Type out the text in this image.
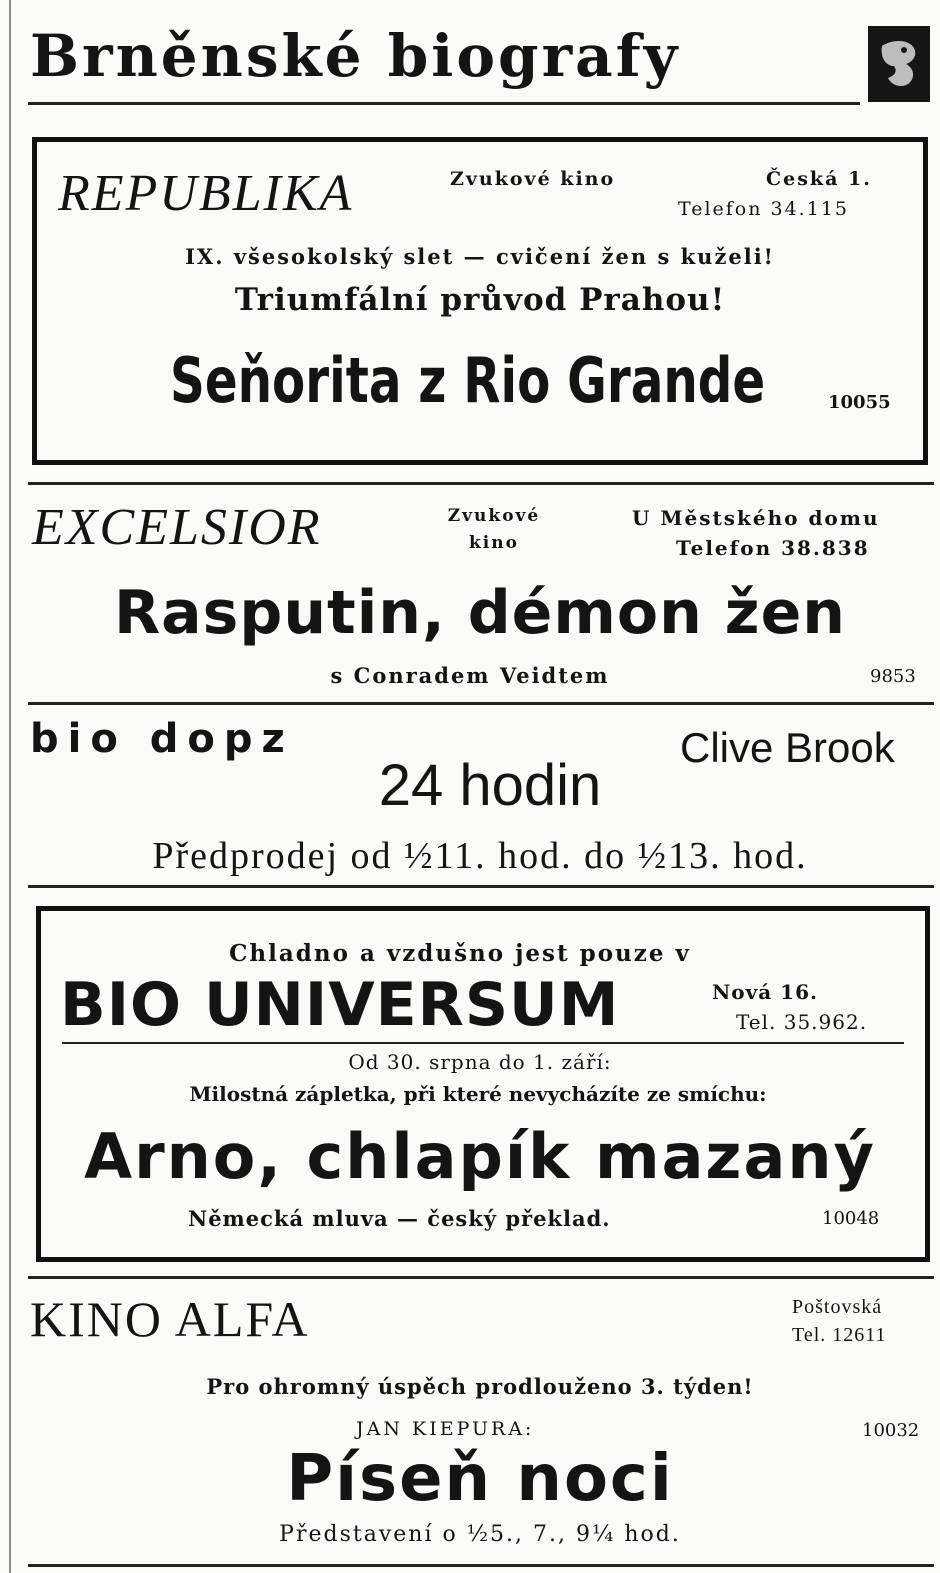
Brněnské biografy
REPUBLIKA	Zvukové kino	Česká 1.
Telefon 34.115
IX. všesokolský slet — cvičení žen s kuželi!
Triumfální průvod Prahou!
Seňorita z Rio Grande	10055
EXCELSIOR	Zvukové
kino
U Městského domu
Telefon 38.838
Rasputin, démon žen
s Conradem Veidtem	9853
bio dopz	Clive Brook
24 hodin
Předprodej od ½11. hod. do ½13. hod.
Chladno a vzdušno jest pouze v
BIO UNIVERSUM	Nová 16.
Tel. 35.962.
Od 30. srpna do 1. září:
Milostná zápletka, při které nevycházíte ze smíchu:
Arno, chlapík mazaný
Německá mluva — český překlad.	10048
KINO ALFA	Poštovská
Tel. 12611
Pro ohromný úspěch prodlouženo 3. týden!
JAN KIEPURA:	10032
Píseň noci
Představení o ½5., 7., 9¼ hod.
